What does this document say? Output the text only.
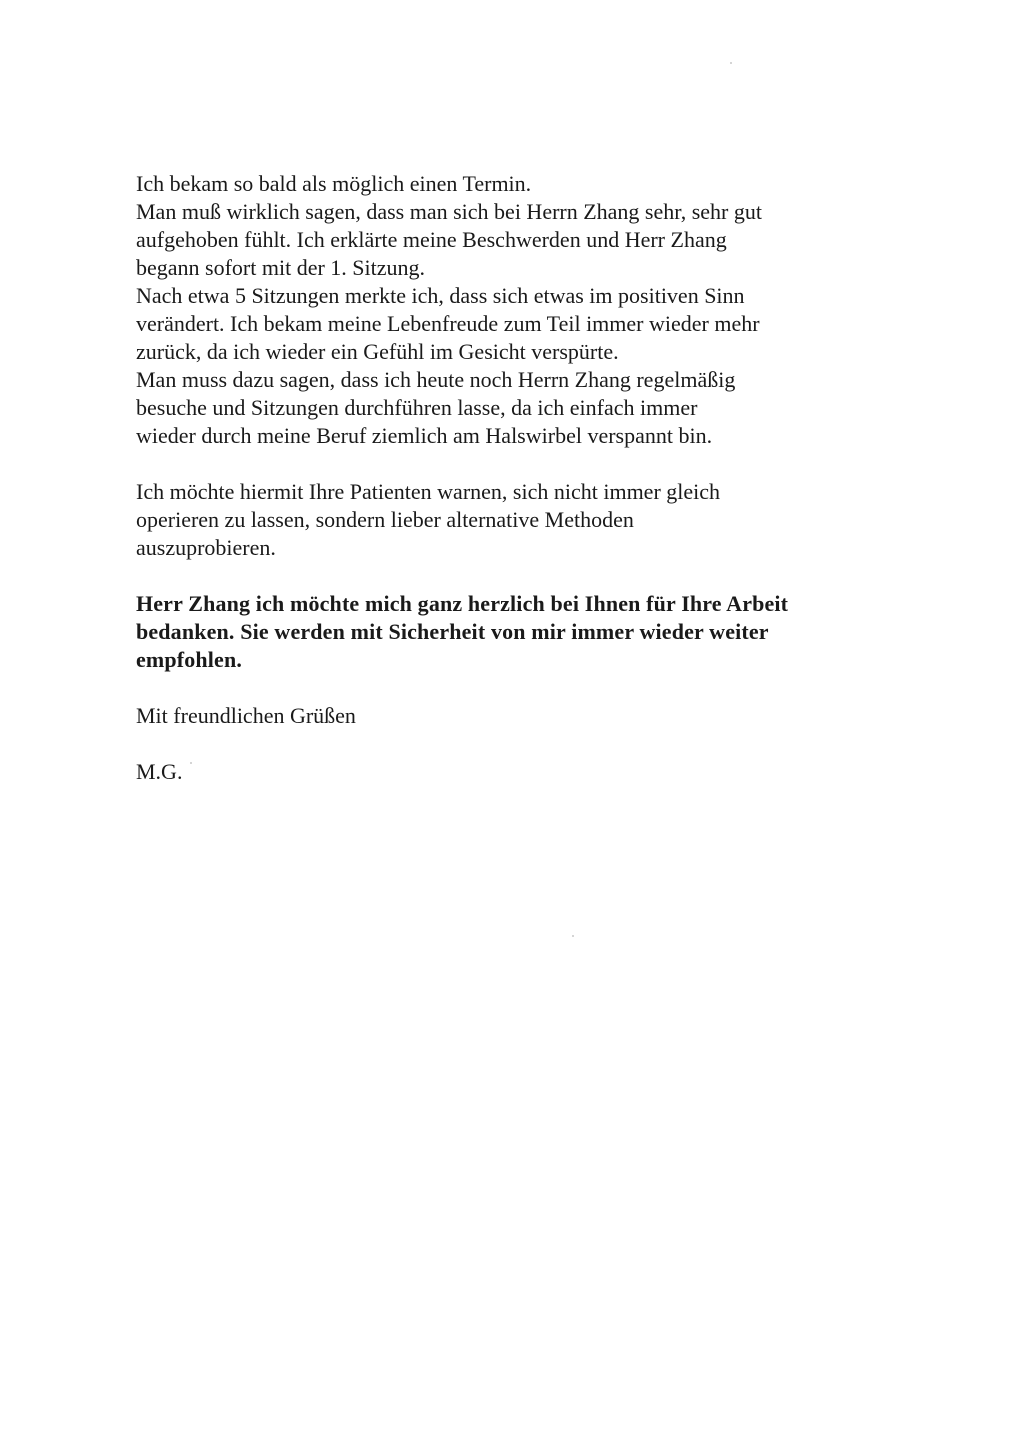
Ich bekam so bald als möglich einen Termin.
Man muß wirklich sagen, dass man sich bei Herrn Zhang sehr, sehr gut
aufgehoben fühlt. Ich erklärte meine Beschwerden und Herr Zhang
begann sofort mit der 1. Sitzung.
Nach etwa 5 Sitzungen merkte ich, dass sich etwas im positiven Sinn
verändert. Ich bekam meine Lebenfreude zum Teil immer wieder mehr
zurück, da ich wieder ein Gefühl im Gesicht verspürte.
Man muss dazu sagen, dass ich heute noch Herrn Zhang regelmäßig
besuche und Sitzungen durchführen lasse, da ich einfach immer
wieder durch meine Beruf ziemlich am Halswirbel verspannt bin.
Ich möchte hiermit Ihre Patienten warnen, sich nicht immer gleich
operieren zu lassen, sondern lieber alternative Methoden
auszuprobieren.
Herr Zhang ich möchte mich ganz herzlich bei Ihnen für Ihre Arbeit
bedanken. Sie werden mit Sicherheit von mir immer wieder weiter
empfohlen.
Mit freundlichen Grüßen
M.G.
